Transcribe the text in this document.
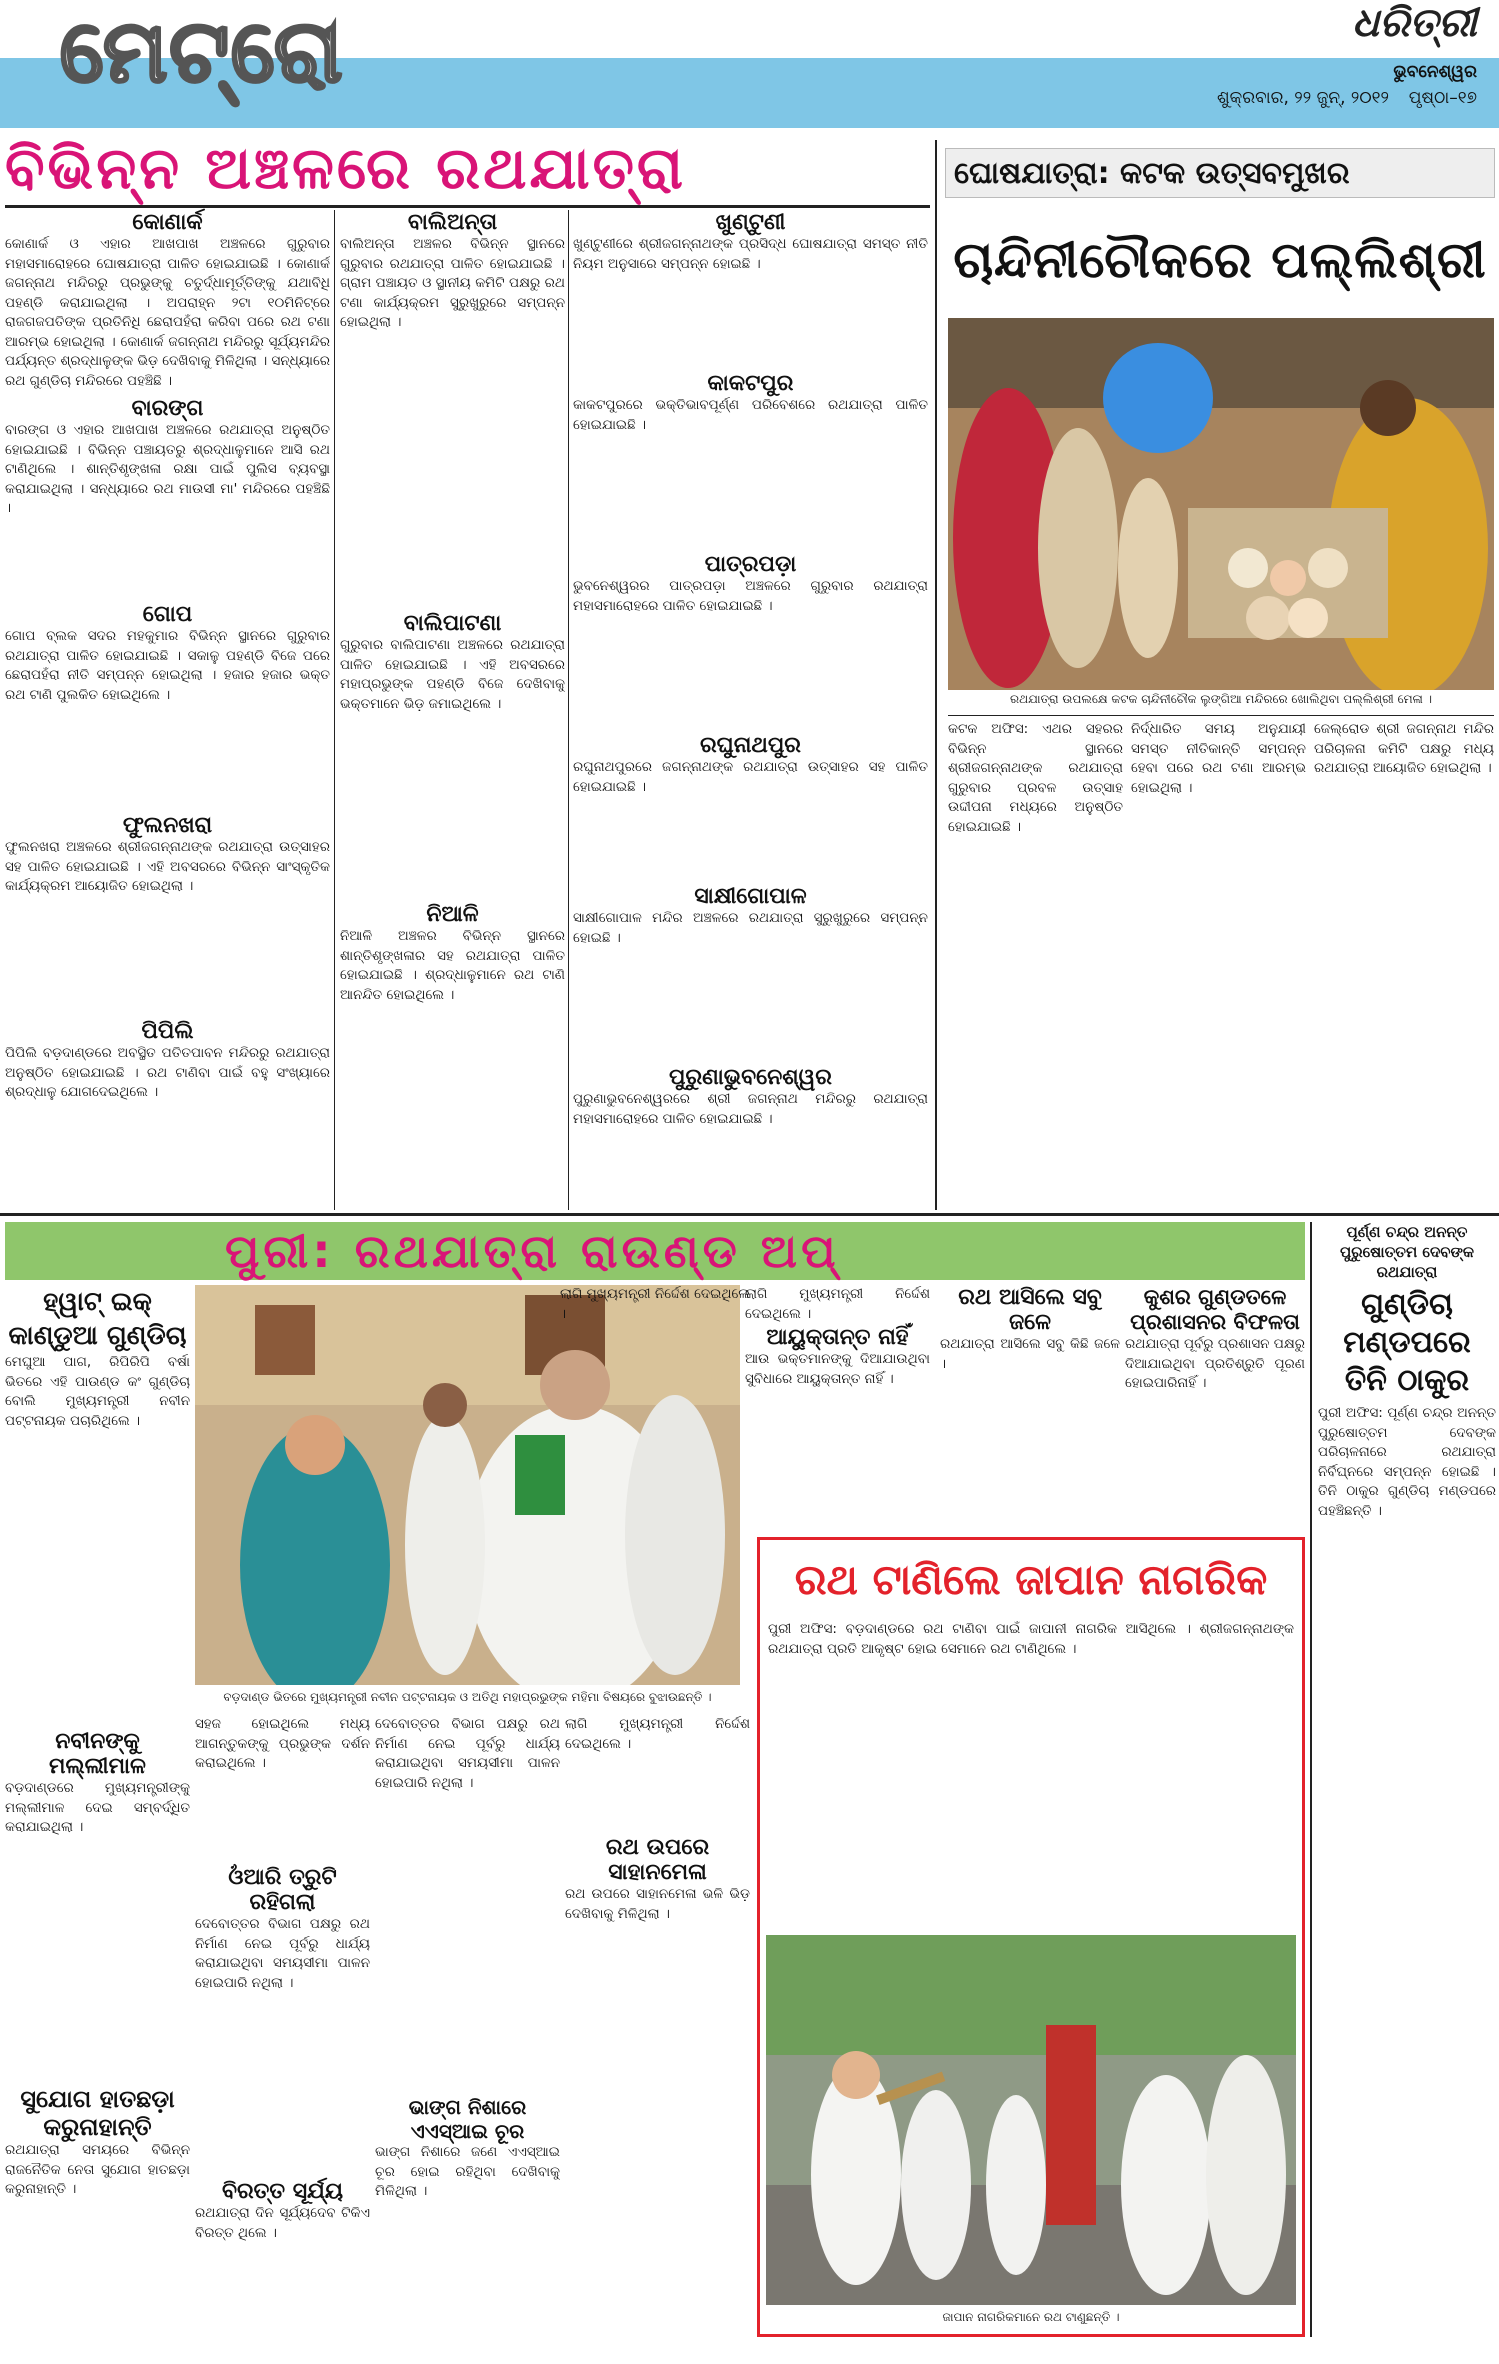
ମେଟ୍ରୋ	ଧରିତ୍ରୀ
ଭୁବନେଶ୍ୱର
ଶୁକ୍ରବାର, ୨୨ ଜୁନ୍, ୨୦୧୨ ପୃଷ୍ଠା–୧୭
ବିଭିନ୍ନ ଅଞ୍ଚଳରେ ରଥଯାତ୍ରା
କୋଣାର୍କ
କୋଣାର୍କ ଓ ଏହାର ଆଖପାଖ ଅଞ୍ଚଳରେ ଗୁରୁବାର ମହାସମାରୋହରେ ଘୋଷଯାତ୍ରା ପାଳିତ ହୋଇଯାଇଛି । କୋଣାର୍କ ଜଗନ୍ନାଥ ମନ୍ଦିରରୁ ପ୍ରଭୁଙ୍କୁ ଚତୁର୍ଦ୍ଧାମୂର୍ତ୍ତିଙ୍କୁ ଯଥାବିଧି ପହଣ୍ଡି କରାଯାଇଥିଲା । ଅପରାହ୍ନ ୨ଟା ୧୦ମିନିଟ୍‌ରେ ରାଜଗଜପତିଙ୍କ ପ୍ରତିନିଧି ଛେରାପହଁରା କରିବା ପରେ ରଥ ଟଣା ଆରମ୍ଭ ହୋଇଥିଲା । କୋଣାର୍କ ଜଗନ୍ନାଥ ମନ୍ଦିରରୁ ସୂର୍ଯ୍ୟମନ୍ଦିର ପର୍ଯ୍ୟନ୍ତ ଶ୍ରଦ୍ଧାଳୁଙ୍କ ଭିଡ଼ ଦେଖିବାକୁ ମିଳିଥିଲା । ସନ୍ଧ୍ୟାରେ ରଥ ଗୁଣ୍ଡିଚା ମନ୍ଦିରରେ ପହଞ୍ଚିଛି ।
ବାରଙ୍ଗ
ବାରଙ୍ଗ ଓ ଏହାର ଆଖପାଖ ଅଞ୍ଚଳରେ ରଥଯାତ୍ରା ଅନୁଷ୍ଠିତ ହୋଇଯାଇଛି । ବିଭିନ୍ନ ପଞ୍ଚାୟତରୁ ଶ୍ରଦ୍ଧାଳୁମାନେ ଆସି ରଥ ଟାଣିଥିଲେ । ଶାନ୍ତିଶୃଙ୍ଖଳା ରକ୍ଷା ପାଇଁ ପୁଲିସ ବ୍ୟବସ୍ଥା କରାଯାଇଥିଲା । ସନ୍ଧ୍ୟାରେ ରଥ ମାଉସୀ ମା' ମନ୍ଦିରରେ ପହଞ୍ଚିଛି ।
ଗୋପ
ଗୋପ ବ୍ଲକ ସଦର ମହକୁମାର ବିଭିନ୍ନ ସ୍ଥାନରେ ଗୁରୁବାର ରଥଯାତ୍ରା ପାଳିତ ହୋଇଯାଇଛି । ସକାଳୁ ପହଣ୍ଡି ବିଜେ ପରେ ଛେରାପହଁରା ନୀତି ସମ୍ପନ୍ନ ହୋଇଥିଲା । ହଜାର ହଜାର ଭକ୍ତ ରଥ ଟାଣି ପୁଲକିତ ହୋଇଥିଲେ ।
ଫୁଲନଖରା
ଫୁଲନଖରା ଅଞ୍ଚଳରେ ଶ୍ରୀଜଗନ୍ନାଥଙ୍କ ରଥଯାତ୍ରା ଉତ୍ସାହର ସହ ପାଳିତ ହୋଇଯାଇଛି । ଏହି ଅବସରରେ ବିଭିନ୍ନ ସାଂସ୍କୃତିକ କାର୍ଯ୍ୟକ୍ରମ ଆୟୋଜିତ ହୋଇଥିଲା ।
ପିପିଲି
ପିପିଲି ବଡ଼ଦାଣ୍ଡରେ ଅବସ୍ଥିତ ପତିତପାବନ ମନ୍ଦିରରୁ ରଥଯାତ୍ରା ଅନୁଷ୍ଠିତ ହୋଇଯାଇଛି । ରଥ ଟାଣିବା ପାଇଁ ବହୁ ସଂଖ୍ୟାରେ ଶ୍ରଦ୍ଧାଳୁ ଯୋଗଦେଇଥିଲେ ।
ବାଲିଅନ୍ତା
ବାଲିଅନ୍ତା ଅଞ୍ଚଳର ବିଭିନ୍ନ ସ୍ଥାନରେ ଗୁରୁବାର ରଥଯାତ୍ରା ପାଳିତ ହୋଇଯାଇଛି । ଗ୍ରାମ ପଞ୍ଚାୟତ ଓ ସ୍ଥାନୀୟ କମିଟି ପକ୍ଷରୁ ରଥ ଟଣା କାର୍ଯ୍ୟକ୍ରମ ସୁରୁଖୁରୁରେ ସମ୍ପନ୍ନ ହୋଇଥିଲା ।
ବାଲିପାଟଣା
ଗୁରୁବାର ବାଲିପାଟଣା ଅଞ୍ଚଳରେ ରଥଯାତ୍ରା ପାଳିତ ହୋଇଯାଇଛି । ଏହି ଅବସରରେ ମହାପ୍ରଭୁଙ୍କ ପହଣ୍ଡି ବିଜେ ଦେଖିବାକୁ ଭକ୍ତମାନେ ଭିଡ଼ ଜମାଇଥିଲେ ।
ନିଆଳି
ନିଆଳି ଅଞ୍ଚଳର ବିଭିନ୍ନ ସ୍ଥାନରେ ଶାନ୍ତିଶୃଙ୍ଖଳାର ସହ ରଥଯାତ୍ରା ପାଳିତ ହୋଇଯାଇଛି । ଶ୍ରଦ୍ଧାଳୁମାନେ ରଥ ଟାଣି ଆନନ୍ଦିତ ହୋଇଥିଲେ ।
ଖୁଣ୍ଟୁଣୀ
ଖୁଣ୍ଟୁଣୀରେ ଶ୍ରୀଜଗନ୍ନାଥଙ୍କ ପ୍ରସିଦ୍ଧ ଘୋଷଯାତ୍ରା ସମସ୍ତ ନୀତି ନିୟମ ଅନୁସାରେ ସମ୍ପନ୍ନ ହୋଇଛି ।
କାକଟପୁର
କାକଟପୁରରେ ଭକ୍ତିଭାବପୂର୍ଣ୍ଣ ପରିବେଶରେ ରଥଯାତ୍ରା ପାଳିତ ହୋଇଯାଇଛି ।
ପାତ୍ରପଡ଼ା
ଭୁବନେଶ୍ୱରର ପାତ୍ରପଡ଼ା ଅଞ୍ଚଳରେ ଗୁରୁବାର ରଥଯାତ୍ରା ମହାସମାରୋହରେ ପାଳିତ ହୋଇଯାଇଛି ।
ରଘୁନାଥପୁର
ରଘୁନାଥପୁରରେ ଜଗନ୍ନାଥଙ୍କ ରଥଯାତ୍ରା ଉତ୍ସାହର ସହ ପାଳିତ ହୋଇଯାଇଛି ।
ସାକ୍ଷୀଗୋପାଳ
ସାକ୍ଷୀଗୋପାଳ ମନ୍ଦିର ଅଞ୍ଚଳରେ ରଥଯାତ୍ରା ସୁରୁଖୁରୁରେ ସମ୍ପନ୍ନ ହୋଇଛି ।
ପୁରୁଣାଭୁବନେଶ୍ୱର
ପୁରୁଣାଭୁବନେଶ୍ୱରରେ ଶ୍ରୀ ଜଗନ୍ନାଥ ମନ୍ଦିରରୁ ରଥଯାତ୍ରା ମହାସମାରୋହରେ ପାଳିତ ହୋଇଯାଇଛି ।
ଘୋଷଯାତ୍ରା: କଟକ ଉତ୍ସବମୁଖର
ଚାନ୍ଦିନୀଚୌକରେ ପଲ୍ଲିଶ୍ରୀ
ରଥଯାତ୍ରା ଉପଲକ୍ଷେ କଟକ ଚାନ୍ଦିନୀଚୌକ ଲୁଙ୍ଗିଆ ମନ୍ଦିରରେ ଖୋଲିଥିବା ପଲ୍ଲିଶ୍ରୀ ମେଳା ।
କଟକ ଅଫିସ: ଏଥର ସହରର ବିଭିନ୍ନ ସ୍ଥାନରେ ଶ୍ରୀଜଗନ୍ନାଥଙ୍କ ରଥଯାତ୍ରା ଗୁରୁବାର ପ୍ରବଳ ଉତ୍ସାହ ଉଦ୍ଦୀପନା ମଧ୍ୟରେ ଅନୁଷ୍ଠିତ ହୋଇଯାଇଛି ।
ନିର୍ଦ୍ଧାରିତ ସମୟ ଅନୁଯାୟୀ ସମସ୍ତ ନୀତିକାନ୍ତି ସମ୍ପନ୍ନ ହେବା ପରେ ରଥ ଟଣା ଆରମ୍ଭ ହୋଇଥିଲା ।
ଜେଲ୍‌ରୋଡ ଶ୍ରୀ ଜଗନ୍ନାଥ ମନ୍ଦିର ପରିଚାଳନା କମିଟି ପକ୍ଷରୁ ମଧ୍ୟ ରଥଯାତ୍ରା ଆୟୋଜିତ ହୋଇଥିଲା ।
ପୁରୀ: ରଥଯାତ୍ରା ରାଉଣ୍ଡ ଅପ୍
ହ୍ୱାଟ୍ ଇକ୍ କାଣ୍ଡୁଆ ଗୁଣ୍ଡିଚା
ମେଘୁଆ ପାଗ, ରିପିରିପି ବର୍ଷା ଭିତରେ ଏହି ପାଉଣ୍ଡ କଂ ଗୁଣ୍ଡିଚା ବୋଲି ମୁଖ୍ୟମନ୍ତ୍ରୀ ନବୀନ ପଟ୍ଟନାୟକ ପଚାରିଥିଲେ ।
ନବୀନଙ୍କୁ ମଲ୍ଲୀମାଳ
ବଡ଼ଦାଣ୍ଡରେ ମୁଖ୍ୟମନ୍ତ୍ରୀଙ୍କୁ ମଲ୍ଲୀମାଳ ଦେଇ ସମ୍ବର୍ଦ୍ଧିତ କରାଯାଇଥିଲା ।
ସୁଯୋଗ ହାତଛଡ଼ା କରୁନାହାନ୍ତି
ରଥଯାତ୍ରା ସମୟରେ ବିଭିନ୍ନ ରାଜନୈତିକ ନେତା ସୁଯୋଗ ହାତଛଡ଼ା କରୁନାହାନ୍ତି ।
ବଡ଼ଦାଣ୍ଡ ଭିତରେ ମୁଖ୍ୟମନ୍ତ୍ରୀ ନବୀନ ପଟ୍ଟନାୟକ ଓ ଅତିଥି ମହାପ୍ରଭୁଙ୍କ ମହିମା ବିଷୟରେ ବୁଝାଉଛନ୍ତି ।
ସହଜ ହୋଇଥିଲେ ମଧ୍ୟ ଆଗନ୍ତୁକଙ୍କୁ ପ୍ରଭୁଙ୍କ ଦର୍ଶନ କରାଇଥିଲେ ।
ଓଁଆରି ତ୍ରୁଟି ରହିଗଲା
ଦେବୋତ୍ତର ବିଭାଗ ପକ୍ଷରୁ ରଥ ନିର୍ମାଣ ନେଇ ପୂର୍ବରୁ ଧାର୍ଯ୍ୟ କରାଯାଇଥିବା ସମୟସୀମା ପାଳନ ହୋଇପାରି ନଥିଲା ।
ବିରତ୍ତ ସୂର୍ଯ୍ୟ
ରଥଯାତ୍ରା ଦିନ ସୂର୍ଯ୍ୟଦେବ ଟିକିଏ ବିରତ୍ତ ଥିଲେ ।
ଦେବୋତ୍ତର ବିଭାଗ ପକ୍ଷରୁ ରଥ ନିର୍ମାଣ ନେଇ ପୂର୍ବରୁ ଧାର୍ଯ୍ୟ କରାଯାଇଥିବା ସମୟସୀମା ପାଳନ ହୋଇପାରି ନଥିଲା ।
ଭାଙ୍ଗ ନିଶାରେ ଏଏସ୍ଆଇ ଚୂର
ଭାଙ୍ଗ ନିଶାରେ ଜଣେ ଏଏସ୍ଆଇ ଚୂର ହୋଇ ରହିଥିବା ଦେଖିବାକୁ ମିଳିଥିଲା ।
ଲାଗି ମୁଖ୍ୟମନ୍ତ୍ରୀ ନିର୍ଦ୍ଦେଶ ଦେଇଥିଲେ ।
ଲାଗି ମୁଖ୍ୟମନ୍ତ୍ରୀ ନିର୍ଦ୍ଦେଶ ଦେଇଥିଲେ ।
ରଥ ଉପରେ ସାହାନମେଳା
ରଥ ଉପରେ ସାହାନମେଳା ଭଳି ଭିଡ଼ ଦେଖିବାକୁ ମିଳିଥିଲା ।
ଲାଗି ମୁଖ୍ୟମନ୍ତ୍ରୀ ନିର୍ଦ୍ଦେଶ ଦେଇଥିଲେ ।
ଆୟୁକ୍ତାନ୍ତ ନାହିଁ
ଆଉ ଭକ୍ତମାନଙ୍କୁ ଦିଆଯାଉଥିବା ସୁବିଧାରେ ଆୟୁକ୍ତାନ୍ତ ନାହିଁ ।
ରଥ ଆସିଲେ ସବୁ ଜଳେ
ରଥଯାତ୍ରା ଆସିଲେ ସବୁ କିଛି ଜଳେ ।
କୁଶର ଗୁଣ୍ଡତଳେ ପ୍ରଶାସନର ବିଫଳତା
ରଥଯାତ୍ରା ପୂର୍ବରୁ ପ୍ରଶାସନ ପକ୍ଷରୁ ଦିଆଯାଇଥିବା ପ୍ରତିଶ୍ରୁତି ପୂରଣ ହୋଇପାରିନାହିଁ ।
ରଥ ଟାଣିଲେ ଜାପାନ ନାଗରିକ
ପୁରୀ ଅଫିସ: ବଡ଼ଦାଣ୍ଡରେ ରଥ ଟାଣିବା ପାଇଁ ଜାପାନୀ ନାଗରିକ ଆସିଥିଲେ । ଶ୍ରୀଜଗନ୍ନାଥଙ୍କ ରଥଯାତ୍ରା ପ୍ରତି ଆକୃଷ୍ଟ ହୋଇ ସେମାନେ ରଥ ଟାଣିଥିଲେ ।
ଜାପାନ ନାଗରିକମାନେ ରଥ ଟାଣୁଛନ୍ତି ।
ପୂର୍ଣ୍ଣ ଚନ୍ଦ୍ର ଅନନ୍ତ ପୁରୁଷୋତ୍ତମ ଦେବଙ୍କ ରଥଯାତ୍ରା
ଗୁଣ୍ଡିଚା ମଣ୍ଡପରେ ତିନି ଠାକୁର
ପୁରୀ ଅଫିସ: ପୂର୍ଣ୍ଣ ଚନ୍ଦ୍ର ଅନନ୍ତ ପୁରୁଷୋତ୍ତମ ଦେବଙ୍କ ପରିଚାଳନାରେ ରଥଯାତ୍ରା ନିର୍ବିଘ୍ନରେ ସମ୍ପନ୍ନ ହୋଇଛି । ତିନି ଠାକୁର ଗୁଣ୍ଡିଚା ମଣ୍ଡପରେ ପହଞ୍ଚିଛନ୍ତି ।
